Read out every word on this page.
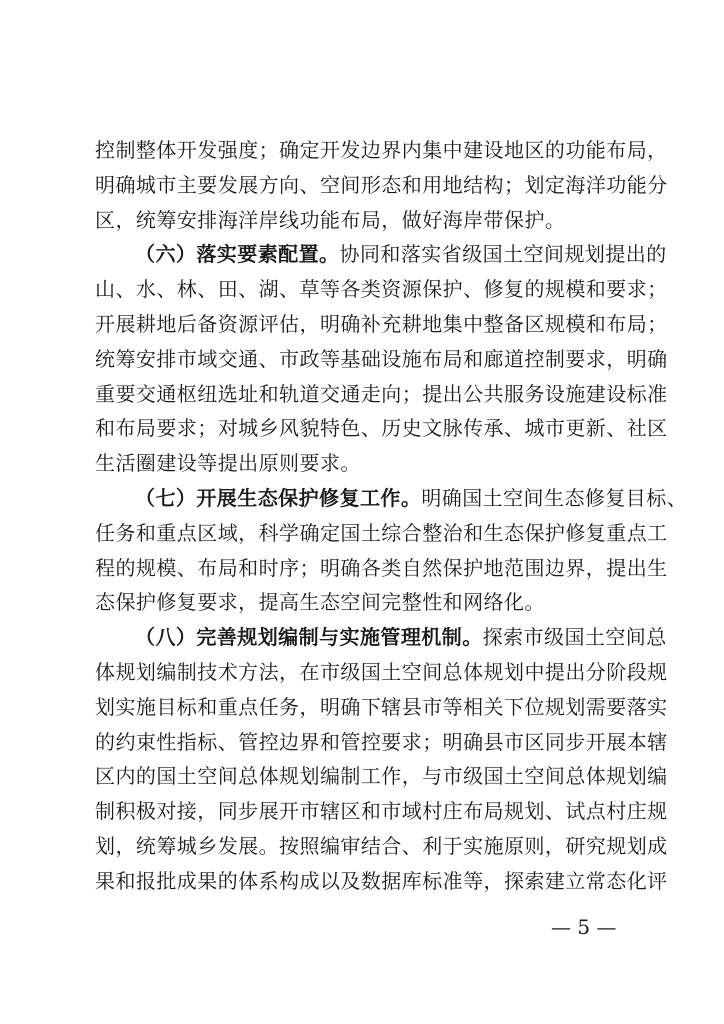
控制整体开发强度；确定开发边界内集中建设地区的功能布局，
明确城市主要发展方向、空间形态和用地结构；划定海洋功能分
区，统筹安排海洋岸线功能布局，做好海岸带保护。
（六）落实要素配置。协同和落实省级国土空间规划提出的
山、水、林、田、湖、草等各类资源保护、修复的规模和要求；
开展耕地后备资源评估，明确补充耕地集中整备区规模和布局；
统筹安排市域交通、市政等基础设施布局和廊道控制要求，明确
重要交通枢纽选址和轨道交通走向；提出公共服务设施建设标准
和布局要求；对城乡风貌特色、历史文脉传承、城市更新、社区
生活圈建设等提出原则要求。
（七）开展生态保护修复工作。明确国土空间生态修复目标、
任务和重点区域，科学确定国土综合整治和生态保护修复重点工
程的规模、布局和时序；明确各类自然保护地范围边界，提出生
态保护修复要求，提高生态空间完整性和网络化。
（八）完善规划编制与实施管理机制。探索市级国土空间总
体规划编制技术方法，在市级国土空间总体规划中提出分阶段规
划实施目标和重点任务，明确下辖县市等相关下位规划需要落实
的约束性指标、管控边界和管控要求；明确县市区同步开展本辖
区内的国土空间总体规划编制工作，与市级国土空间总体规划编
制积极对接，同步展开市辖区和市域村庄布局规划、试点村庄规
划，统筹城乡发展。按照编审结合、利于实施原则，研究规划成
果和报批成果的体系构成以及数据库标准等，探索建立常态化评
— 5 —
